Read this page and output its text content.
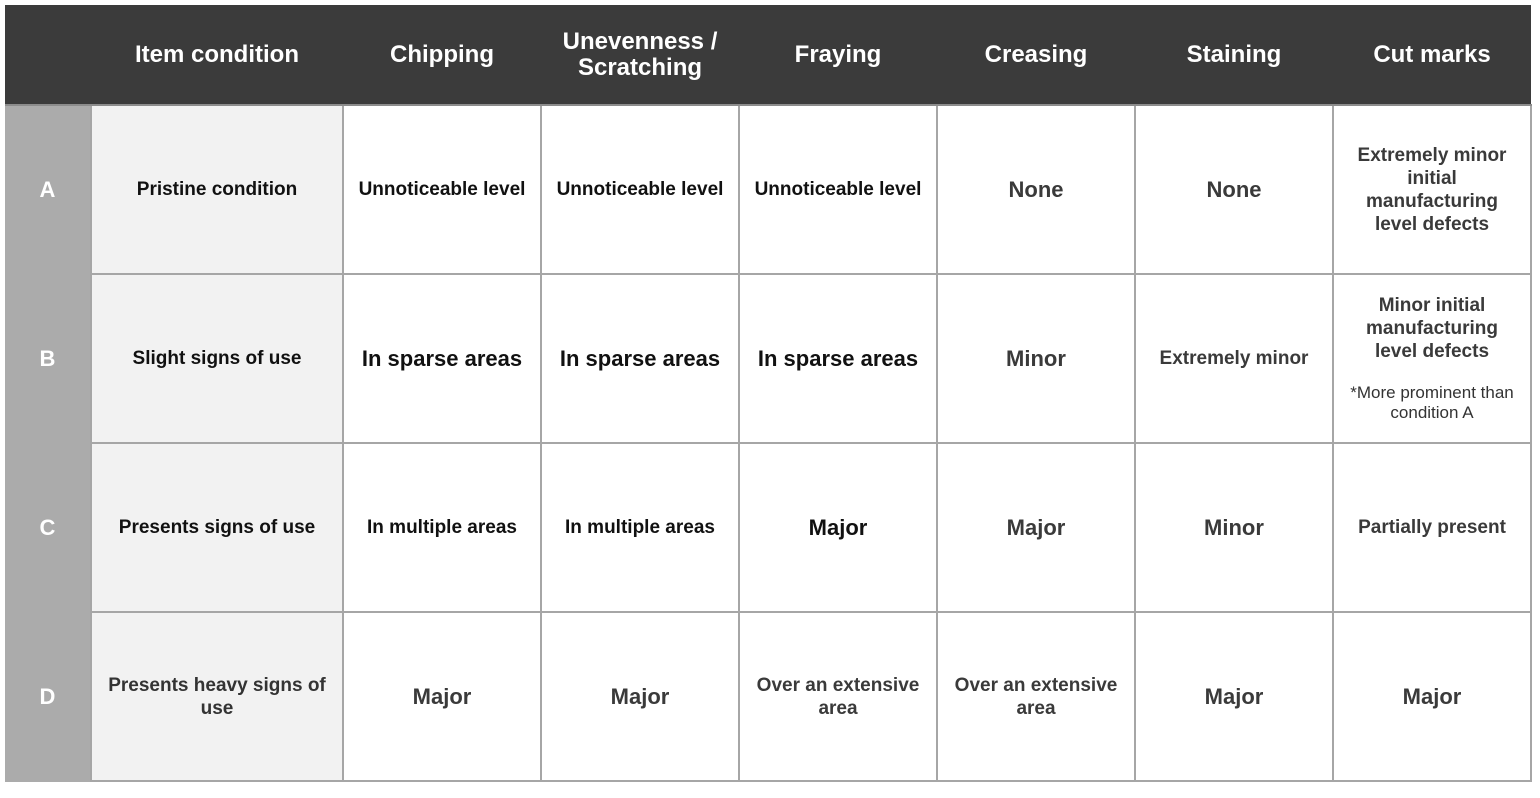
	Item condition	Chipping	Unevenness / Scratching	Fraying	Creasing	Staining	Cut marks
A	Pristine condition	Unnoticeable level	Unnoticeable level	Unnoticeable level	None	None	Extremely minor initial manufacturing level defects
B	Slight signs of use	In sparse areas	In sparse areas	In sparse areas	Minor	Extremely minor	Minor initial manufacturing level defects
*More prominent than condition A

C	Presents signs of use	In multiple areas	In multiple areas	Major	Major	Minor	Partially present
D	Presents heavy signs of use	Major	Major	Over an extensive area	Over an extensive area	Major	Major
